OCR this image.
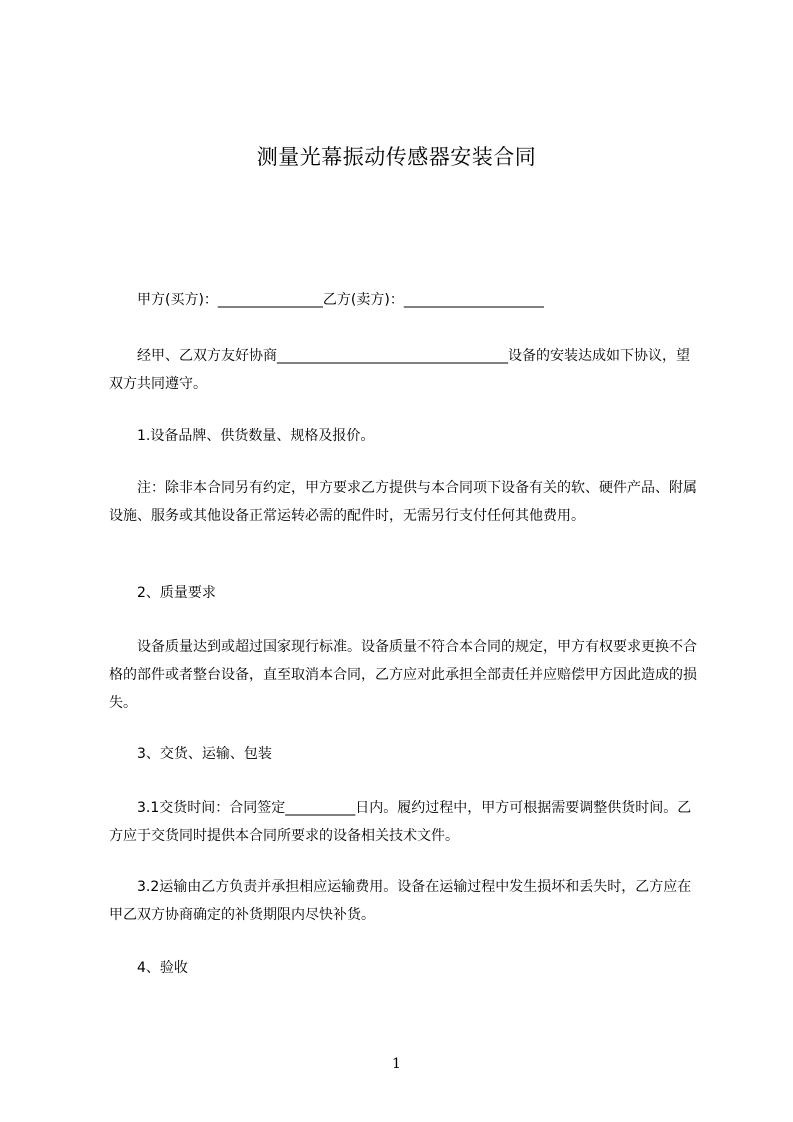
测量光幕振动传感器安装合同

甲方(买方)：_______________乙方(卖方)：____________________

经甲、乙双方友好协商_________________________________设备的安装达成如下协议，望双方共同遵守。

1.设备品牌、供货数量、规格及报价。

注：除非本合同另有约定，甲方要求乙方提供与本合同项下设备有关的软、硬件产品、附属设施、服务或其他设备正常运转必需的配件时，无需另行支付任何其他费用。

2、质量要求

设备质量达到或超过国家现行标准。设备质量不符合本合同的规定，甲方有权要求更换不合格的部件或者整台设备，直至取消本合同，乙方应对此承担全部责任并应赔偿甲方因此造成的损失。

3、交货、运输、包装

3.1交货时间：合同签定__________日内。履约过程中，甲方可根据需要调整供货时间。乙方应于交货同时提供本合同所要求的设备相关技术文件。

3.2运输由乙方负责并承担相应运输费用。设备在运输过程中发生损坏和丢失时，乙方应在甲乙双方协商确定的补货期限内尽快补货。

4、验收

1
